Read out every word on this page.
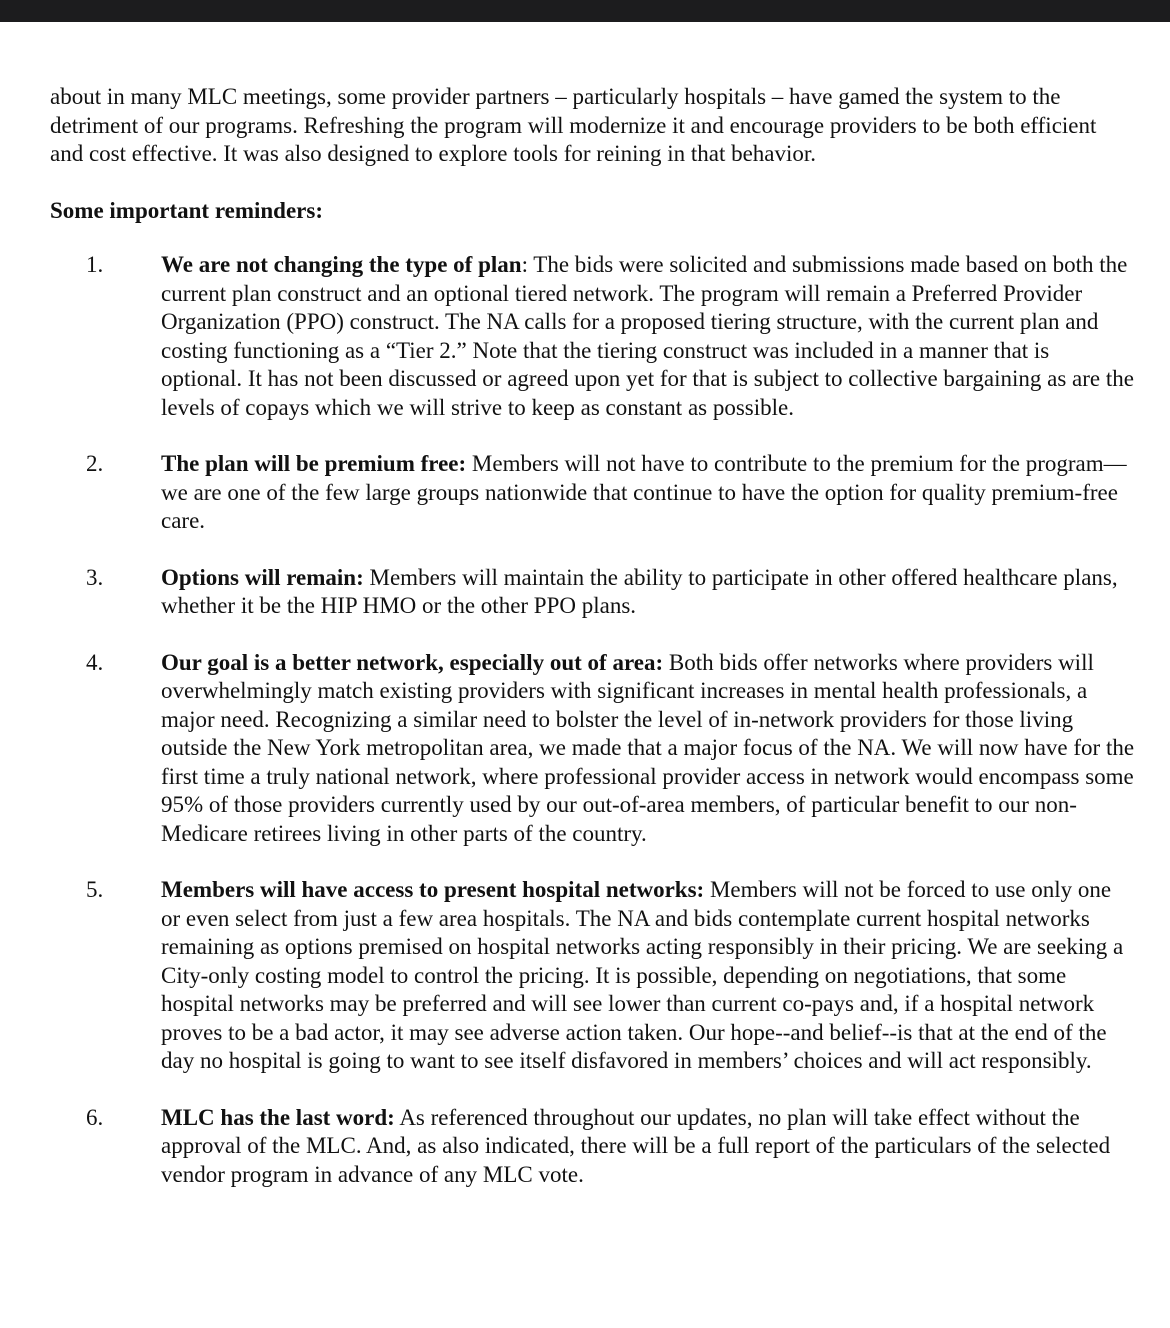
about in many MLC meetings, some provider partners – particularly hospitals – have gamed the system to the detriment of our programs. Refreshing the program will modernize it and encourage providers to be both efficient and cost effective. It was also designed to explore tools for reining in that behavior.

Some important reminders:

1.	We are not changing the type of plan: The bids were solicited and submissions made based on both the current plan construct and an optional tiered network. The program will remain a Preferred Provider Organization (PPO) construct. The NA calls for a proposed tiering structure, with the current plan and costing functioning as a “Tier 2.” Note that the tiering construct was included in a manner that is optional. It has not been discussed or agreed upon yet for that is subject to collective bargaining as are the levels of copays which we will strive to keep as constant as possible.
2.	The plan will be premium free: Members will not have to contribute to the premium for the program—we are one of the few large groups nationwide that continue to have the option for quality premium-free care.
3.	Options will remain: Members will maintain the ability to participate in other offered healthcare plans, whether it be the HIP HMO or the other PPO plans.
4.	Our goal is a better network, especially out of area: Both bids offer networks where providers will overwhelmingly match existing providers with significant increases in mental health professionals, a major need. Recognizing a similar need to bolster the level of in-network providers for those living outside the New York metropolitan area, we made that a major focus of the NA. We will now have for the first time a truly national network, where professional provider access in network would encompass some 95% of those providers currently used by our out-of-area members, of particular benefit to our non-Medicare retirees living in other parts of the country.
5.	Members will have access to present hospital networks: Members will not be forced to use only one or even select from just a few area hospitals. The NA and bids contemplate current hospital networks remaining as options premised on hospital networks acting responsibly in their pricing. We are seeking a City-only costing model to control the pricing. It is possible, depending on negotiations, that some hospital networks may be preferred and will see lower than current co-pays and, if a hospital network proves to be a bad actor, it may see adverse action taken. Our hope--and belief--is that at the end of the day no hospital is going to want to see itself disfavored in members’ choices and will act responsibly.
6.	MLC has the last word: As referenced throughout our updates, no plan will take effect without the approval of the MLC. And, as also indicated, there will be a full report of the particulars of the selected vendor program in advance of any MLC vote.
